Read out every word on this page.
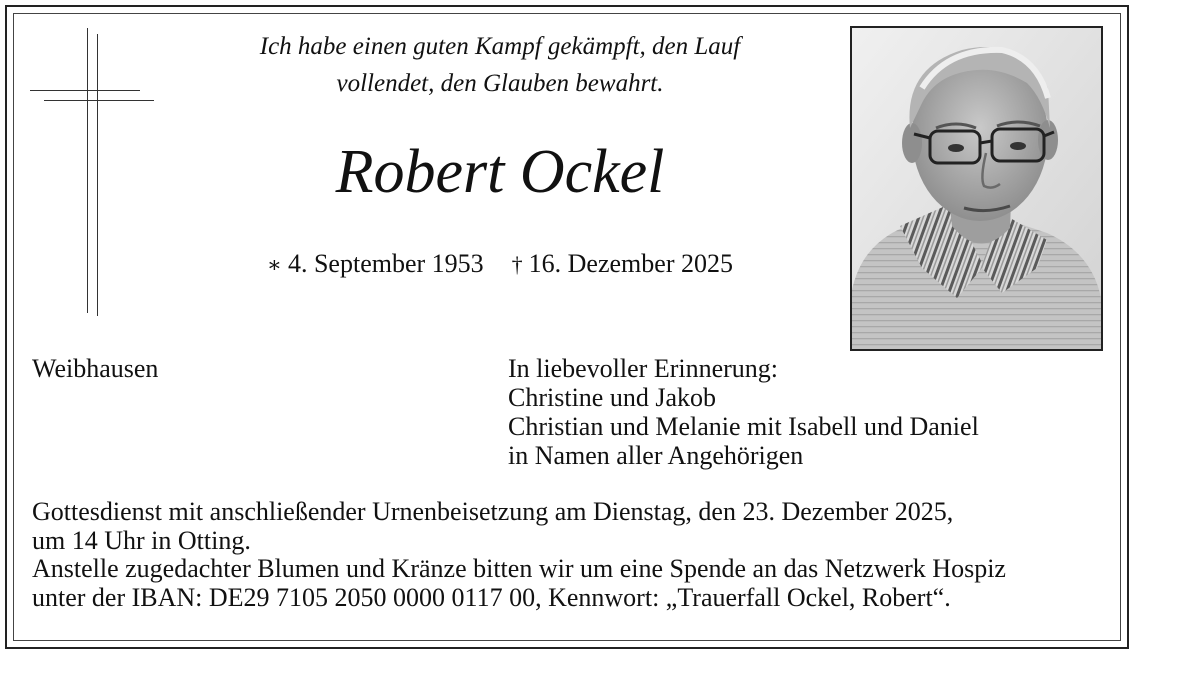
Ich habe einen guten Kampf gekämpft, den Lauf
vollendet, den Glauben bewahrt.
Robert Ockel
∗ 4. September 1953 † 16. Dezember 2025
Weibhausen	In liebevoller Erinnerung:
Christine und Jakob
Christian und Melanie mit Isabell und Daniel
in Namen aller Angehörigen
Gottesdienst mit anschließender Urnenbeisetzung am Dienstag, den 23. Dezember 2025,
um 14 Uhr in Otting.
Anstelle zugedachter Blumen und Kränze bitten wir um eine Spende an das Netzwerk Hospiz
unter der IBAN: DE29 7105 2050 0000 0117 00, Kennwort: „Trauerfall Ockel, Robert“.
